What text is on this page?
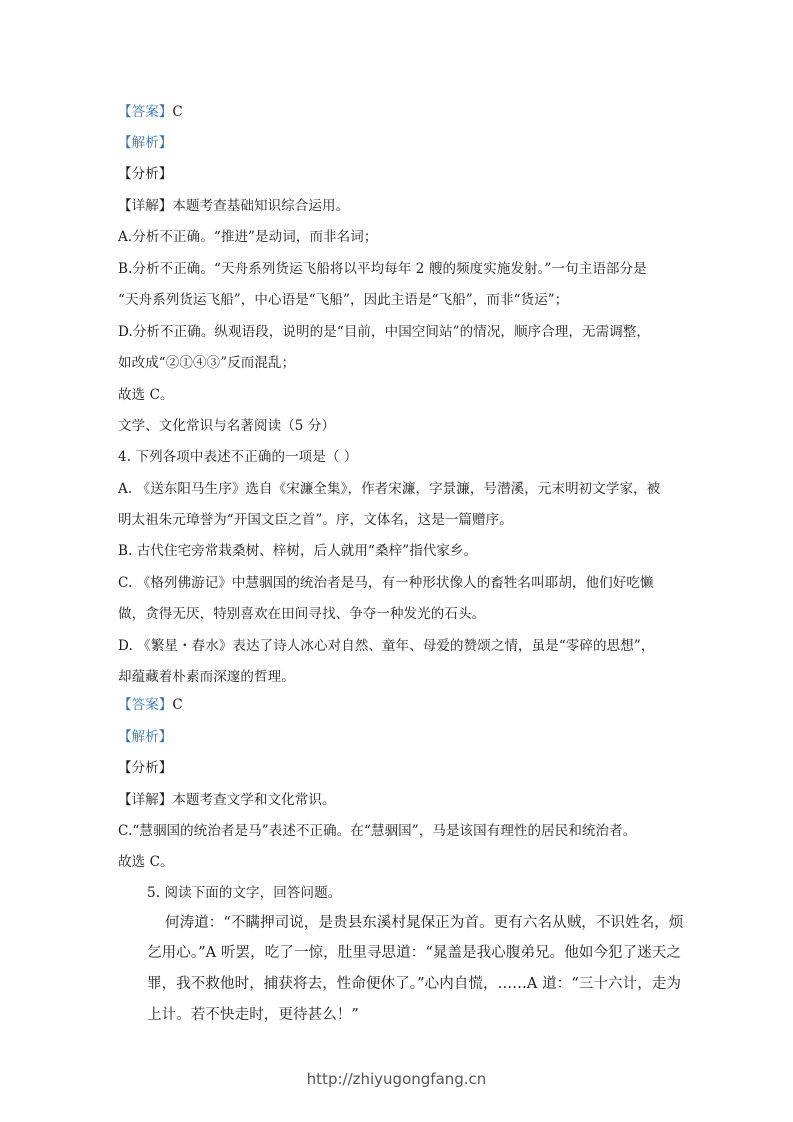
【答案】C
【解析】
【分析】
【详解】本题考查基础知识综合运用。
A.分析不正确。“推进”是动词，而非名词；
B.分析不正确。“天舟系列货运飞船将以平均每年 2 艘的频度实施发射。”一句主语部分是
“天舟系列货运飞船”，中心语是“飞船”，因此主语是“飞船”，而非“货运”；
D.分析不正确。纵观语段，说明的是“目前，中国空间站”的情况，顺序合理，无需调整，
如改成“②①④③”反而混乱；
故选 C。
文学、文化常识与名著阅读（5 分）
4. 下列各项中表述不正确的一项是（ ）
A. 《送东阳马生序》选自《宋濂全集》，作者宋濂，字景濂，号潜溪，元末明初文学家，被
明太祖朱元璋誉为“开国文臣之首”。序，文体名，这是一篇赠序。
B. 古代住宅旁常栽桑树、梓树，后人就用“桑梓”指代家乡。
C. 《格列佛游记》中慧骃国的统治者是马，有一种形状像人的畜牲名叫耶胡，他们好吃懒
做，贪得无厌，特别喜欢在田间寻找、争夺一种发光的石头。
D. 《繁星・春水》表达了诗人冰心对自然、童年、母爱的赞颂之情，虽是“零碎的思想”，
却蕴藏着朴素而深邃的哲理。
【答案】C
【解析】
【分析】
【详解】本题考查文学和文化常识。
C.“慧骃国的统治者是马”表述不正确。在“慧骃国”，马是该国有理性的居民和统治者。
故选 C。
5. 阅读下面的文字，回答问题。
何涛道：“不瞒押司说，是贵县东溪村晁保正为首。更有六名从贼，不识姓名，烦
乞用心。”A 听罢，吃了一惊，肚里寻思道：“晁盖是我心腹弟兄。他如今犯了迷天之
罪，我不救他时，捕获将去，性命便休了。”心内自慌，……A 道：“三十六计，走为
上计。若不快走时，更待甚么！”
http://zhiyugongfang.cn
